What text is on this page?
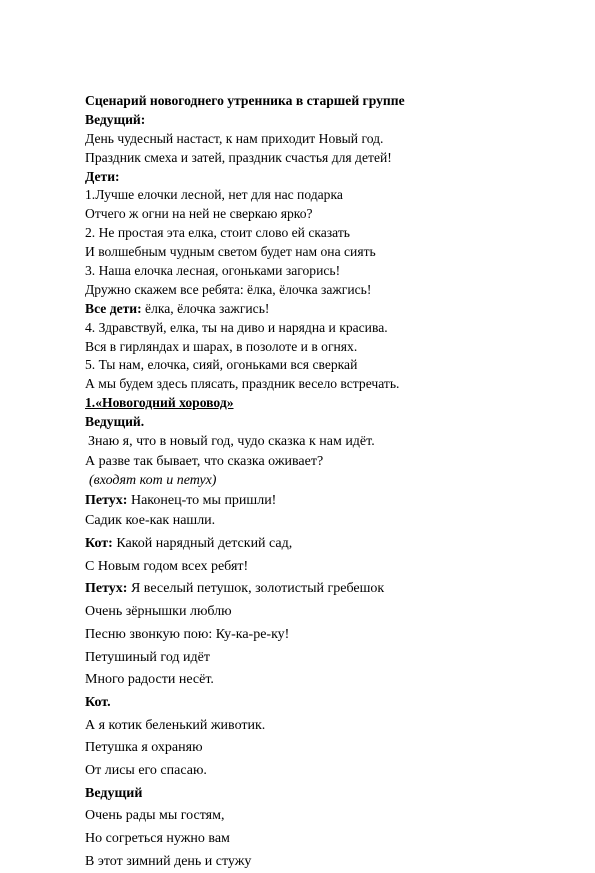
Сценарий новогоднего утренника в старшей группе
Ведущий:
День чудесный настаст, к нам приходит Новый год.
Праздник смеха и затей, праздник счастья для детей!
Дети:
1.Лучше елочки лесной, нет для нас подарка
Отчего ж огни на ней не сверкаю ярко?
2. Не простая эта елка, стоит слово ей сказать
И волшебным чудным светом будет нам она сиять
3. Наша елочка лесная, огоньками загорись!
Дружно скажем все ребята: ёлка, ёлочка зажгись!
Все дети: ёлка, ёлочка зажгись!
4. Здравствуй, елка, ты на диво и нарядна и красива.
Вся в гирляндах и шарах, в позолоте и в огнях.
5. Ты нам, елочка, сияй, огоньками вся сверкай
А мы будем здесь плясать, праздник весело встречать.
1.«Новогодний хоровод»
Ведущий.
Знаю я, что в новый год, чудо сказка к нам идёт.
А разве так бывает, что сказка оживает?
(входят кот и петух)
Петух: Наконец-то мы пришли!
Садик кое-как нашли.
Кот: Какой нарядный детский сад,
С Новым годом всех ребят!
Петух: Я веселый петушок, золотистый гребешок
Очень зёрнышки люблю
Песню звонкую пою: Ку-ка-ре-ку!
Петушиный год идёт
Много радости несёт.
Кот.
А я котик беленький животик.
Петушка я охраняю
От лисы его спасаю.
Ведущий
Очень рады мы гостям,
Но согреться нужно вам
В этот зимний день и стужу
